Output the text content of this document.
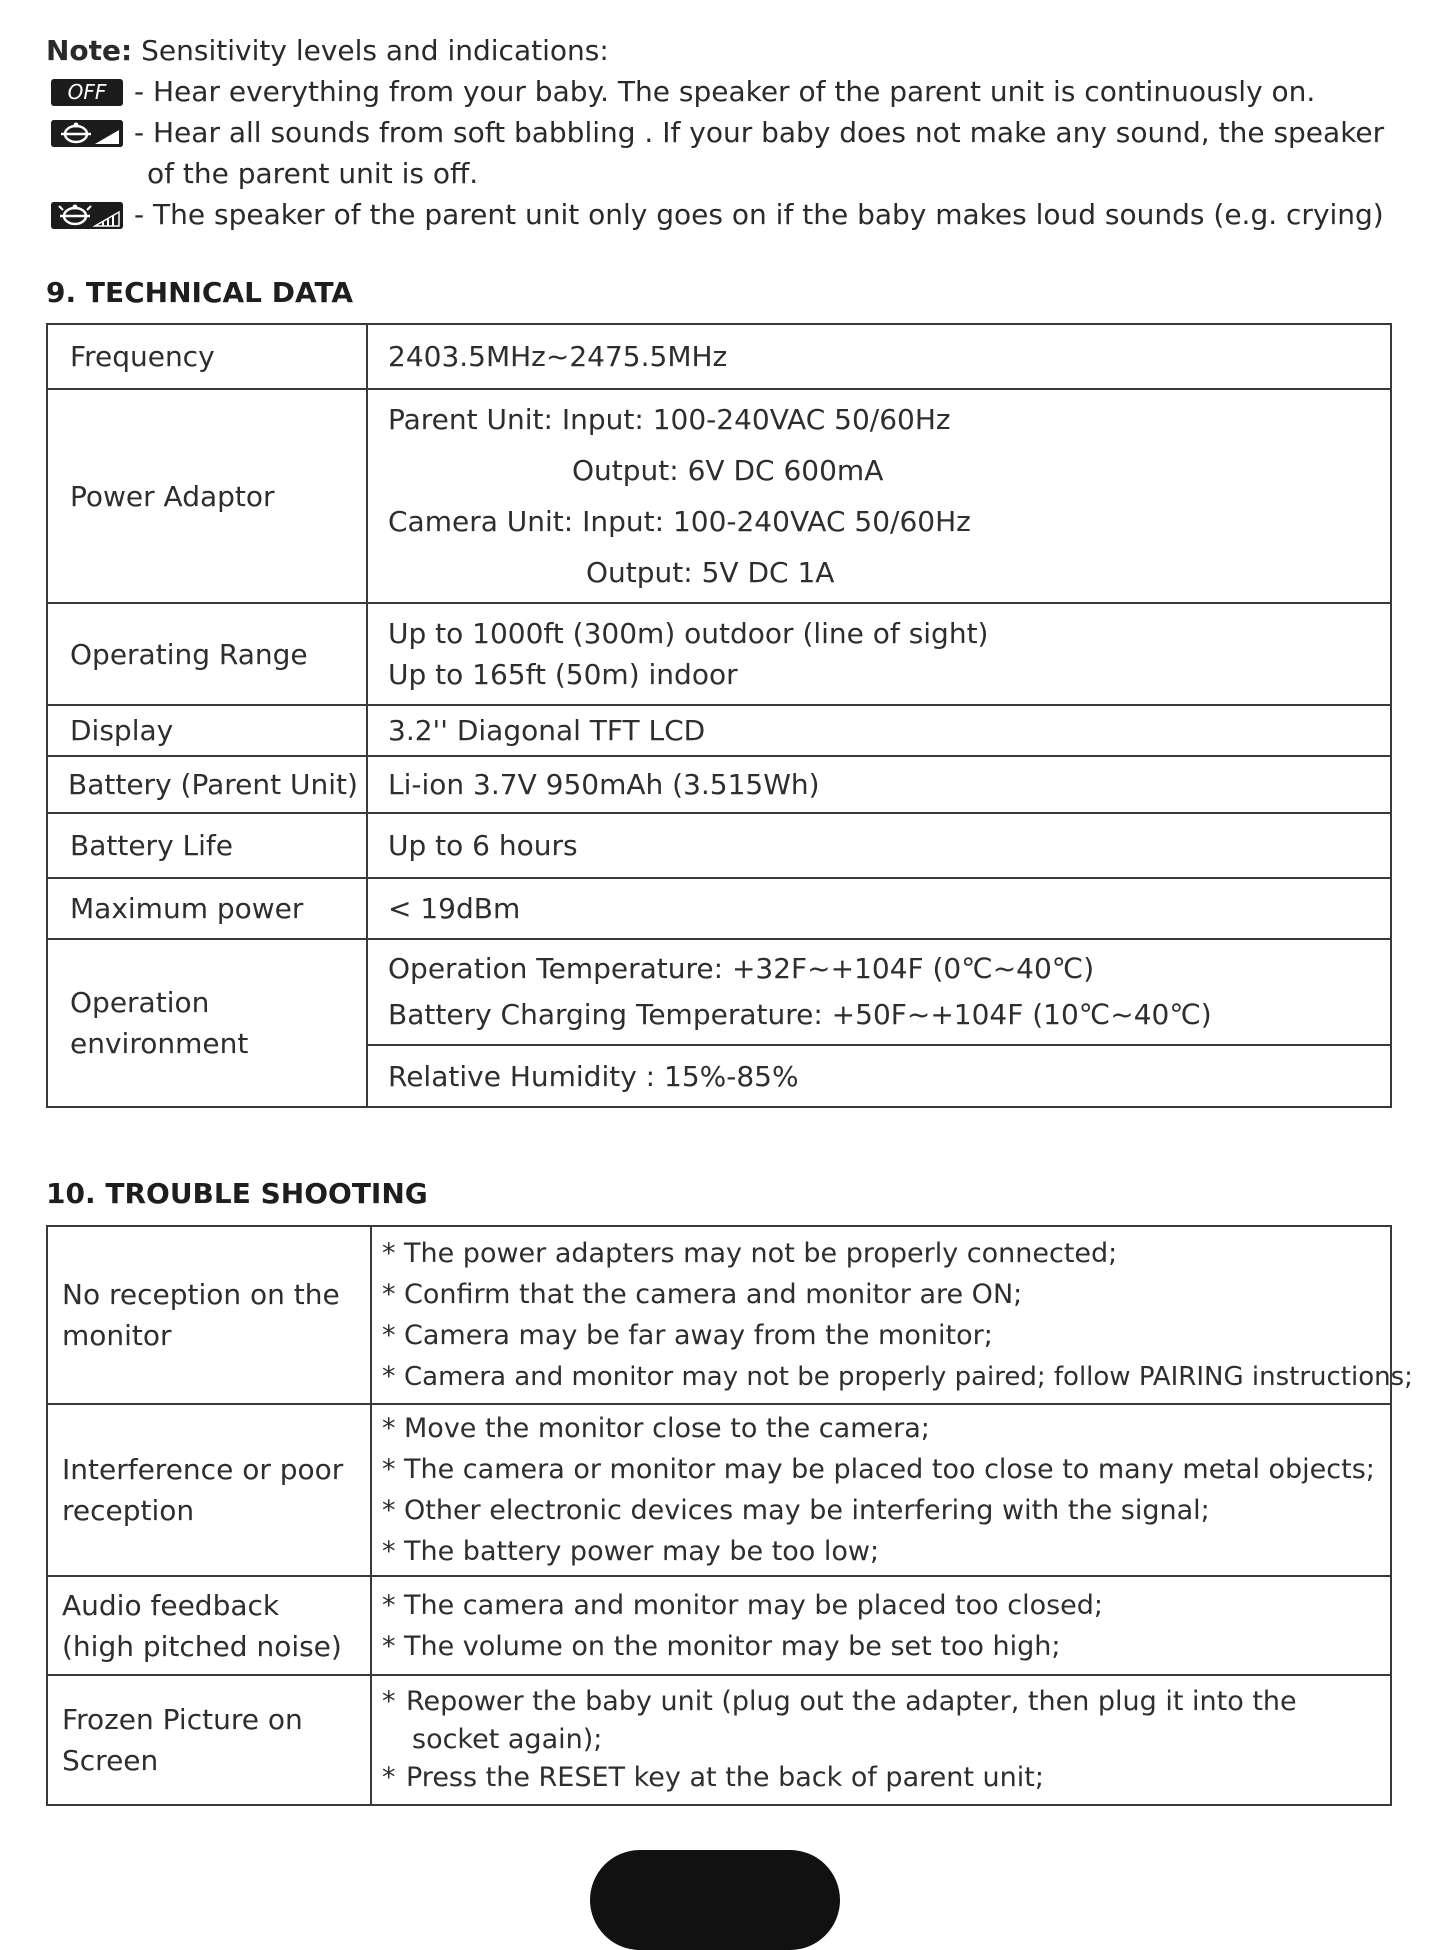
Note: Sensitivity levels and indications:
OFF - Hear everything from your baby. The speaker of the parent unit is continuously on.
- Hear all sounds from soft babbling . If your baby does not make any sound, the speaker
of the parent unit is off.
- The speaker of the parent unit only goes on if the baby makes loud sounds (e.g. crying)
9. TECHNICAL DATA
Frequency	2403.5MHz~2475.5MHz

Power Adaptor	Parent Unit: Input: 100-240VAC 50/60Hz
Output: 6V DC 600mA
Camera Unit: Input: 100-240VAC 50/60Hz
Output: 5V DC 1A

Operating Range	Up to 1000ft (300m) outdoor (line of sight)
Up to 165ft (50m) indoor

Display	3.2'' Diagonal TFT LCD

Battery (Parent Unit)	Li-ion 3.7V 950mAh (3.515Wh)

Battery Life	Up to 6 hours

Maximum power	< 19dBm

Operation
environment	Operation Temperature: +32F~+104F (0℃~40℃)
Battery Charging Temperature: +50F~+104F (10℃~40℃)

	Relative Humidity : 15%-85%
10. TROUBLE SHOOTING
No reception on the
monitor	* The power adapters may not be properly connected;
* Confirm that the camera and monitor are ON;
* Camera may be far away from the monitor;
* Camera and monitor may not be properly paired; follow PAIRING instructions;

Interference or poor
reception	* Move the monitor close to the camera;
* The camera or monitor may be placed too close to many metal objects;
* Other electronic devices may be interfering with the signal;
* The battery power may be too low;

Audio feedback
(high pitched noise)	* The camera and monitor may be placed too closed;
* The volume on the monitor may be set too high;

Frozen Picture on
Screen	* Repower the baby unit (plug out the adapter, then plug it into the socket again);
* Press the RESET key at the back of parent unit;
